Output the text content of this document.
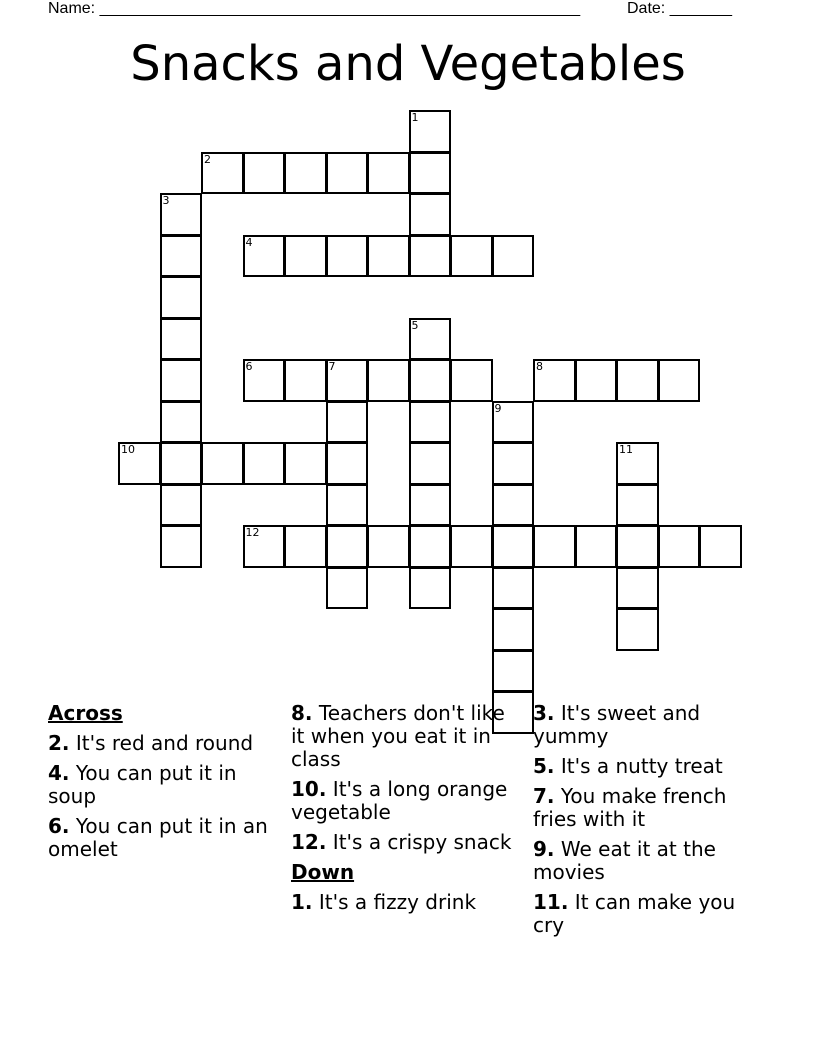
Name: ______________________________________________________	Date: _______
Snacks and Vegetables
1
2
3
4
5
6	7	8
9
10	11
12
Across
2. It's red and round
4. You can put it in soup
6. You can put it in an omelet
8. Teachers don't like it when you eat it in class
10. It's a long orange vegetable
12. It's a crispy snack
Down
1. It's a fizzy drink
3. It's sweet and yummy
5. It's a nutty treat
7. You make french fries with it
9. We eat it at the movies
11. It can make you cry
